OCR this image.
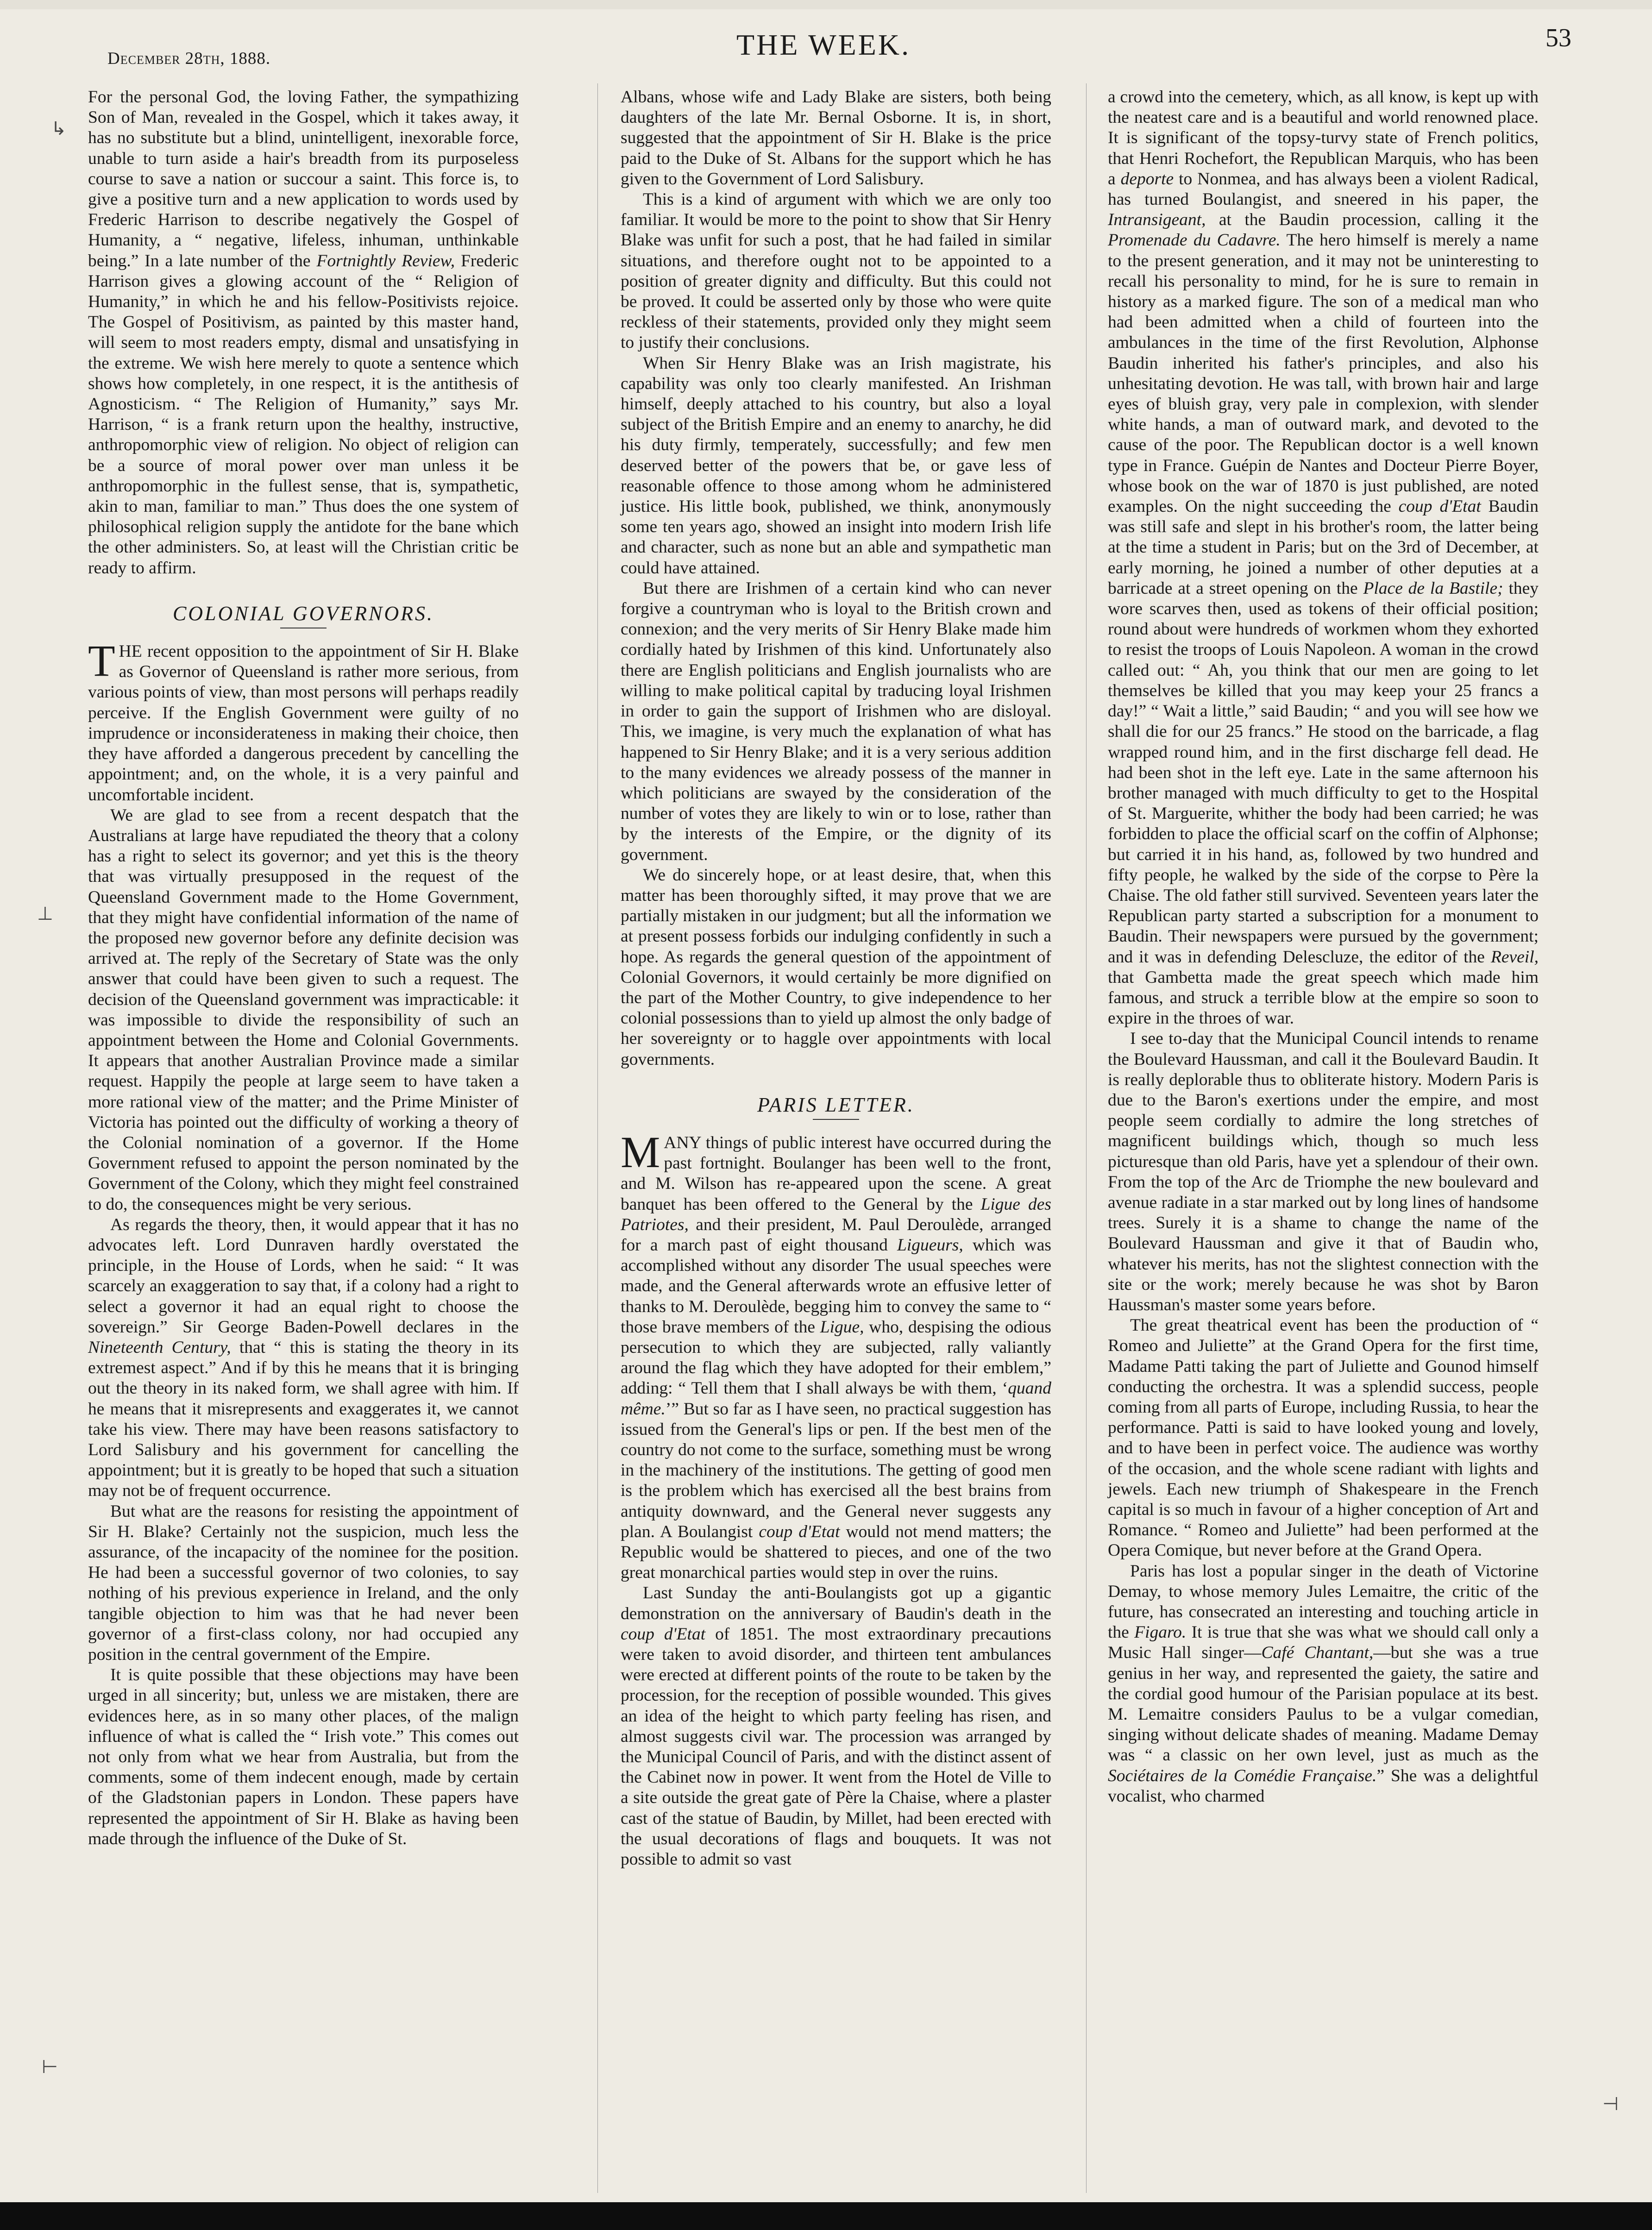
December 28th, 1888.	THE WEEK.	53
↳
⊥
⊢
⊣

For the personal God, the loving Father, the sympathizing Son of Man, revealed in the Gospel, which it takes away, it has no substitute but a blind, unintelligent, inexorable force, unable to turn aside a hair's breadth from its purposeless course to save a nation or succour a saint. This force is, to give a positive turn and a new application to words used by Frederic Harrison to describe negatively the Gospel of Humanity, a “ negative, lifeless, inhuman, unthinkable being.” In a late number of the Fortnightly Review, Frederic Harrison gives a glowing account of the “ Religion of Humanity,” in which he and his fellow-Positivists rejoice. The Gospel of Positivism, as painted by this master hand, will seem to most readers empty, dismal and unsatisfying in the extreme. We wish here merely to quote a sentence which shows how completely, in one respect, it is the antithesis of Agnosticism. “ The Religion of Humanity,” says Mr. Harrison, “ is a frank return upon the healthy, instructive, anthropomorphic view of religion. No object of religion can be a source of moral power over man unless it be anthropomorphic in the fullest sense, that is, sympathetic, akin to man, familiar to man.” Thus does the one system of philosophical religion supply the antidote for the bane which the other administers. So, at least will the Christian critic be ready to affirm.

COLONIAL GOVERNORS.

THE recent opposition to the appointment of Sir H. Blake as Governor of Queensland is rather more serious, from various points of view, than most persons will perhaps readily perceive. If the English Government were guilty of no imprudence or inconsiderateness in making their choice, then they have afforded a dangerous precedent by cancelling the appointment; and, on the whole, it is a very painful and uncomfortable incident.

We are glad to see from a recent despatch that the Australians at large have repudiated the theory that a colony has a right to select its governor; and yet this is the theory that was virtually presupposed in the request of the Queensland Government made to the Home Government, that they might have confidential information of the name of the proposed new governor before any definite decision was arrived at. The reply of the Secretary of State was the only answer that could have been given to such a request. The decision of the Queensland government was impracticable: it was impossible to divide the responsibility of such an appointment between the Home and Colonial Governments. It appears that another Australian Province made a similar request. Happily the people at large seem to have taken a more rational view of the matter; and the Prime Minister of Victoria has pointed out the difficulty of working a theory of the Colonial nomination of a governor. If the Home Government refused to appoint the person nominated by the Government of the Colony, which they might feel constrained to do, the consequences might be very serious.

As regards the theory, then, it would appear that it has no advocates left. Lord Dunraven hardly overstated the principle, in the House of Lords, when he said: “ It was scarcely an exaggeration to say that, if a colony had a right to select a governor it had an equal right to choose the sovereign.” Sir George Baden-Powell declares in the Nineteenth Century, that “ this is stating the theory in its extremest aspect.” And if by this he means that it is bringing out the theory in its naked form, we shall agree with him. If he means that it misrepresents and exaggerates it, we cannot take his view. There may have been reasons satisfactory to Lord Salisbury and his government for cancelling the appointment; but it is greatly to be hoped that such a situation may not be of frequent occurrence.

But what are the reasons for resisting the appointment of Sir H. Blake? Certainly not the suspicion, much less the assurance, of the incapacity of the nominee for the position. He had been a successful governor of two colonies, to say nothing of his previous experience in Ireland, and the only tangible objection to him was that he had never been governor of a first-class colony, nor had occupied any position in the central government of the Empire.

It is quite possible that these objections may have been urged in all sincerity; but, unless we are mistaken, there are evidences here, as in so many other places, of the malign influence of what is called the “ Irish vote.” This comes out not only from what we hear from Australia, but from the comments, some of them indecent enough, made by certain of the Gladstonian papers in London. These papers have represented the appointment of Sir H. Blake as having been made through the influence of the Duke of St.

Albans, whose wife and Lady Blake are sisters, both being daughters of the late Mr. Bernal Osborne. It is, in short, suggested that the appointment of Sir H. Blake is the price paid to the Duke of St. Albans for the support which he has given to the Government of Lord Salisbury.

This is a kind of argument with which we are only too familiar. It would be more to the point to show that Sir Henry Blake was unfit for such a post, that he had failed in similar situations, and therefore ought not to be appointed to a position of greater dignity and difficulty. But this could not be proved. It could be asserted only by those who were quite reckless of their statements, provided only they might seem to justify their conclusions.

When Sir Henry Blake was an Irish magistrate, his capability was only too clearly manifested. An Irishman himself, deeply attached to his country, but also a loyal subject of the British Empire and an enemy to anarchy, he did his duty firmly, temperately, successfully; and few men deserved better of the powers that be, or gave less of reasonable offence to those among whom he administered justice. His little book, published, we think, anonymously some ten years ago, showed an insight into modern Irish life and character, such as none but an able and sympathetic man could have attained.

But there are Irishmen of a certain kind who can never forgive a countryman who is loyal to the British crown and connexion; and the very merits of Sir Henry Blake made him cordially hated by Irishmen of this kind. Unfortunately also there are English politicians and English journalists who are willing to make political capital by traducing loyal Irishmen in order to gain the support of Irishmen who are disloyal. This, we imagine, is very much the explanation of what has happened to Sir Henry Blake; and it is a very serious addition to the many evidences we already possess of the manner in which politicians are swayed by the consideration of the number of votes they are likely to win or to lose, rather than by the interests of the Empire, or the dignity of its government.

We do sincerely hope, or at least desire, that, when this matter has been thoroughly sifted, it may prove that we are partially mistaken in our judgment; but all the information we at present possess forbids our indulging confidently in such a hope. As regards the general question of the appointment of Colonial Governors, it would certainly be more dignified on the part of the Mother Country, to give independence to her colonial possessions than to yield up almost the only badge of her sovereignty or to haggle over appointments with local governments.

PARIS LETTER.

MANY things of public interest have occurred during the past fortnight. Boulanger has been well to the front, and M. Wilson has re-appeared upon the scene. A great banquet has been offered to the General by the Ligue des Patriotes, and their president, M. Paul Deroulède, arranged for a march past of eight thousand Ligueurs, which was accomplished without any disorder The usual speeches were made, and the General afterwards wrote an effusive letter of thanks to M. Deroulède, begging him to convey the same to “ those brave members of the Ligue, who, despising the odious persecution to which they are subjected, rally valiantly around the flag which they have adopted for their emblem,” adding: “ Tell them that I shall always be with them, ‘quand même.’” But so far as I have seen, no practical suggestion has issued from the General's lips or pen. If the best men of the country do not come to the surface, something must be wrong in the machinery of the institutions. The getting of good men is the problem which has exercised all the best brains from antiquity downward, and the General never suggests any plan. A Boulangist coup d'Etat would not mend matters; the Republic would be shattered to pieces, and one of the two great monarchical parties would step in over the ruins.

Last Sunday the anti-Boulangists got up a gigantic demonstration on the anniversary of Baudin's death in the coup d'Etat of 1851. The most extraordinary precautions were taken to avoid disorder, and thirteen tent ambulances were erected at different points of the route to be taken by the procession, for the reception of possible wounded. This gives an idea of the height to which party feeling has risen, and almost suggests civil war. The procession was arranged by the Municipal Council of Paris, and with the distinct assent of the Cabinet now in power. It went from the Hotel de Ville to a site outside the great gate of Père la Chaise, where a plaster cast of the statue of Baudin, by Millet, had been erected with the usual decorations of flags and bouquets. It was not possible to admit so vast

a crowd into the cemetery, which, as all know, is kept up with the neatest care and is a beautiful and world renowned place. It is significant of the topsy-turvy state of French politics, that Henri Rochefort, the Republican Marquis, who has been a deporte to Nonmea, and has always been a violent Radical, has turned Boulangist, and sneered in his paper, the Intransigeant, at the Baudin procession, calling it the Promenade du Cadavre. The hero himself is merely a name to the present generation, and it may not be uninteresting to recall his personality to mind, for he is sure to remain in history as a marked figure. The son of a medical man who had been admitted when a child of fourteen into the ambulances in the time of the first Revolution, Alphonse Baudin inherited his father's principles, and also his unhesitating devotion. He was tall, with brown hair and large eyes of bluish gray, very pale in complexion, with slender white hands, a man of outward mark, and devoted to the cause of the poor. The Republican doctor is a well known type in France. Guépin de Nantes and Docteur Pierre Boyer, whose book on the war of 1870 is just published, are noted examples. On the night succeeding the coup d'Etat Baudin was still safe and slept in his brother's room, the latter being at the time a student in Paris; but on the 3rd of December, at early morning, he joined a number of other deputies at a barricade at a street opening on the Place de la Bastile; they wore scarves then, used as tokens of their official position; round about were hundreds of workmen whom they exhorted to resist the troops of Louis Napoleon. A woman in the crowd called out: “ Ah, you think that our men are going to let themselves be killed that you may keep your 25 francs a day!” “ Wait a little,” said Baudin; “ and you will see how we shall die for our 25 francs.” He stood on the barricade, a flag wrapped round him, and in the first discharge fell dead. He had been shot in the left eye. Late in the same afternoon his brother managed with much difficulty to get to the Hospital of St. Marguerite, whither the body had been carried; he was forbidden to place the official scarf on the coffin of Alphonse; but carried it in his hand, as, followed by two hundred and fifty people, he walked by the side of the corpse to Père la Chaise. The old father still survived. Seventeen years later the Republican party started a subscription for a monument to Baudin. Their newspapers were pursued by the government; and it was in defending Delescluze, the editor of the Reveil, that Gambetta made the great speech which made him famous, and struck a terrible blow at the empire so soon to expire in the throes of war.

I see to-day that the Municipal Council intends to rename the Boulevard Haussman, and call it the Boulevard Baudin. It is really deplorable thus to obliterate history. Modern Paris is due to the Baron's exertions under the empire, and most people seem cordially to admire the long stretches of magnificent buildings which, though so much less picturesque than old Paris, have yet a splendour of their own. From the top of the Arc de Triomphe the new boulevard and avenue radiate in a star marked out by long lines of handsome trees. Surely it is a shame to change the name of the Boulevard Haussman and give it that of Baudin who, whatever his merits, has not the slightest connection with the site or the work; merely because he was shot by Baron Haussman's master some years before.

The great theatrical event has been the production of “ Romeo and Juliette” at the Grand Opera for the first time, Madame Patti taking the part of Juliette and Gounod himself conducting the orchestra. It was a splendid success, people coming from all parts of Europe, including Russia, to hear the performance. Patti is said to have looked young and lovely, and to have been in perfect voice. The audience was worthy of the occasion, and the whole scene radiant with lights and jewels. Each new triumph of Shakespeare in the French capital is so much in favour of a higher conception of Art and Romance. “ Romeo and Juliette” had been performed at the Opera Comique, but never before at the Grand Opera.

Paris has lost a popular singer in the death of Victorine Demay, to whose memory Jules Lemaitre, the critic of the future, has consecrated an interesting and touching article in the Figaro. It is true that she was what we should call only a Music Hall singer—Café Chantant,—but she was a true genius in her way, and represented the gaiety, the satire and the cordial good humour of the Parisian populace at its best. M. Lemaitre considers Paulus to be a vulgar comedian, singing without delicate shades of meaning. Madame Demay was “ a classic on her own level, just as much as the Sociétaires de la Comédie Française.” She was a delightful vocalist, who charmed
